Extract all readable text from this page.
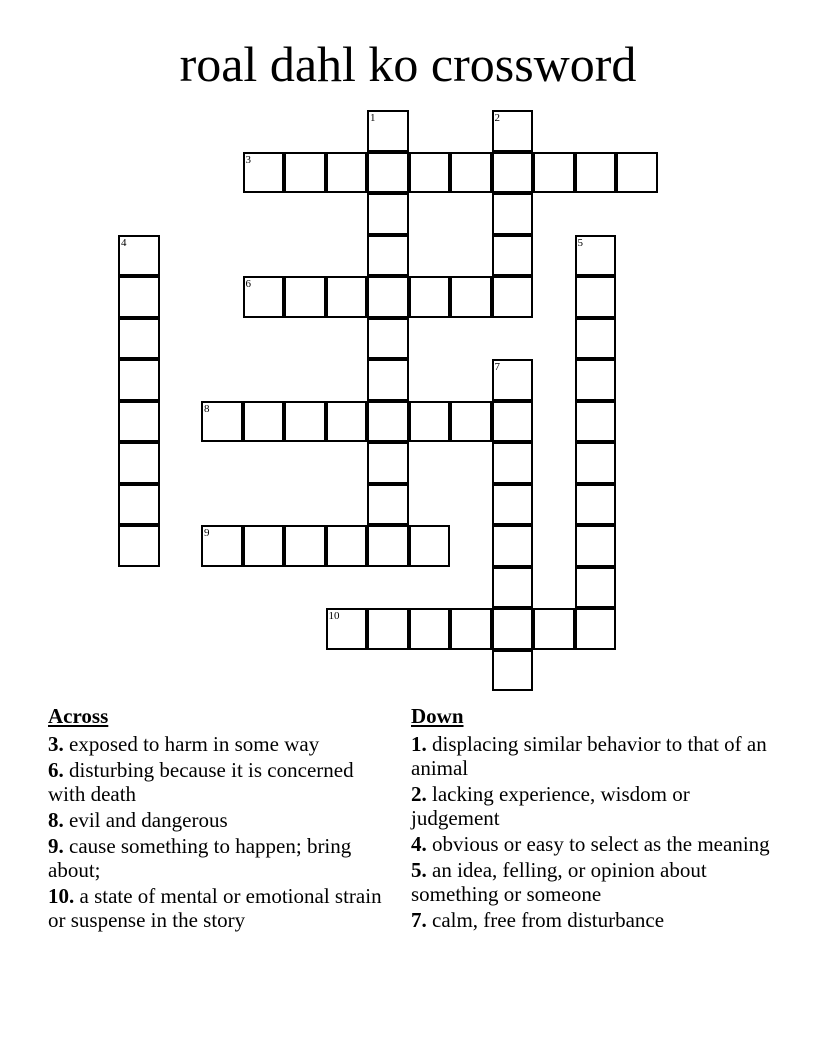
roal dahl ko crossword
1	2
3
4	5
6
7
8
9
10
Across
3. exposed to harm in some way
6. disturbing because it is concerned with death
8. evil and dangerous
9. cause something to happen; bring about;
10. a state of mental or emotional strain or suspense in the story
Down
1. displacing similar behavior to that of an animal
2. lacking experience, wisdom or judgement
4. obvious or easy to select as the meaning
5. an idea, felling, or opinion about something or someone
7. calm, free from disturbance
